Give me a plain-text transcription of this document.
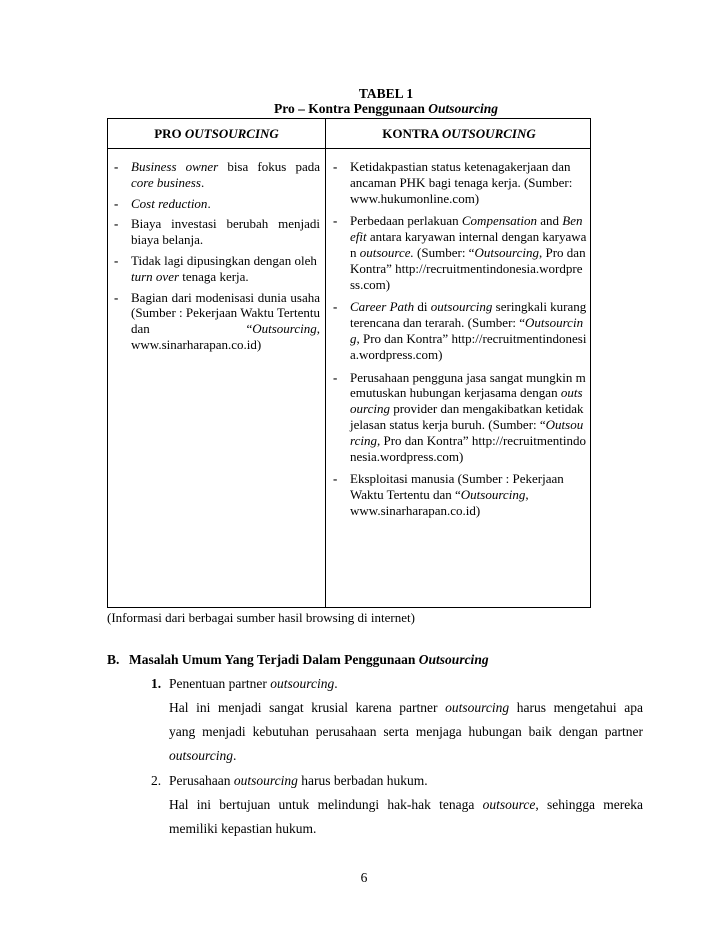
TABEL 1
Pro – Kontra Penggunaan Outsourcing
PRO OUTSOURCING	KONTRA OUTSOURCING
- Business owner bisa fokus pada core business.
- Cost reduction.
- Biaya investasi berubah menjadi biaya belanja.
- Tidak lagi dipusingkan dengan oleh turn over tenaga kerja.
- Bagian dari modenisasi dunia usaha (Sumber : Pekerjaan Waktu Tertentu dan “Outsourcing, www.sinarharapan.co.id)
- Ketidakpastian status ketenagakerjaan dan ancaman PHK bagi tenaga kerja. (Sumber: www.hukumonline.com)
- Perbedaan perlakuan Compensation and Benefit antara karyawan internal dengan karyawan outsource. (Sumber: “Outsourcing, Pro dan Kontra” http://recruitmentindonesia.wordpress.com)
- Career Path di outsourcing seringkali kurang terencana dan terarah. (Sumber: “Outsourcing, Pro dan Kontra” http://recruitmentindonesia.wordpress.com)
- Perusahaan pengguna jasa sangat mungkin memutuskan hubungan kerjasama dengan outsourcing provider dan mengakibatkan ketidakjelasan status kerja buruh. (Sumber: “Outsourcing, Pro dan Kontra” http://recruitmentindonesia.wordpress.com)
- Eksploitasi manusia (Sumber : Pekerjaan Waktu Tertentu dan “Outsourcing, www.sinarharapan.co.id)
(Informasi dari berbagai sumber hasil browsing di internet)
B. Masalah Umum Yang Terjadi Dalam Penggunaan Outsourcing
1. Penentuan partner outsourcing.
Hal ini menjadi sangat krusial karena partner outsourcing harus mengetahui apa
yang menjadi kebutuhan perusahaan serta menjaga hubungan baik dengan partner
outsourcing.
2. Perusahaan outsourcing harus berbadan hukum.
Hal ini bertujuan untuk melindungi hak-hak tenaga outsource, sehingga mereka
memiliki kepastian hukum.
6
